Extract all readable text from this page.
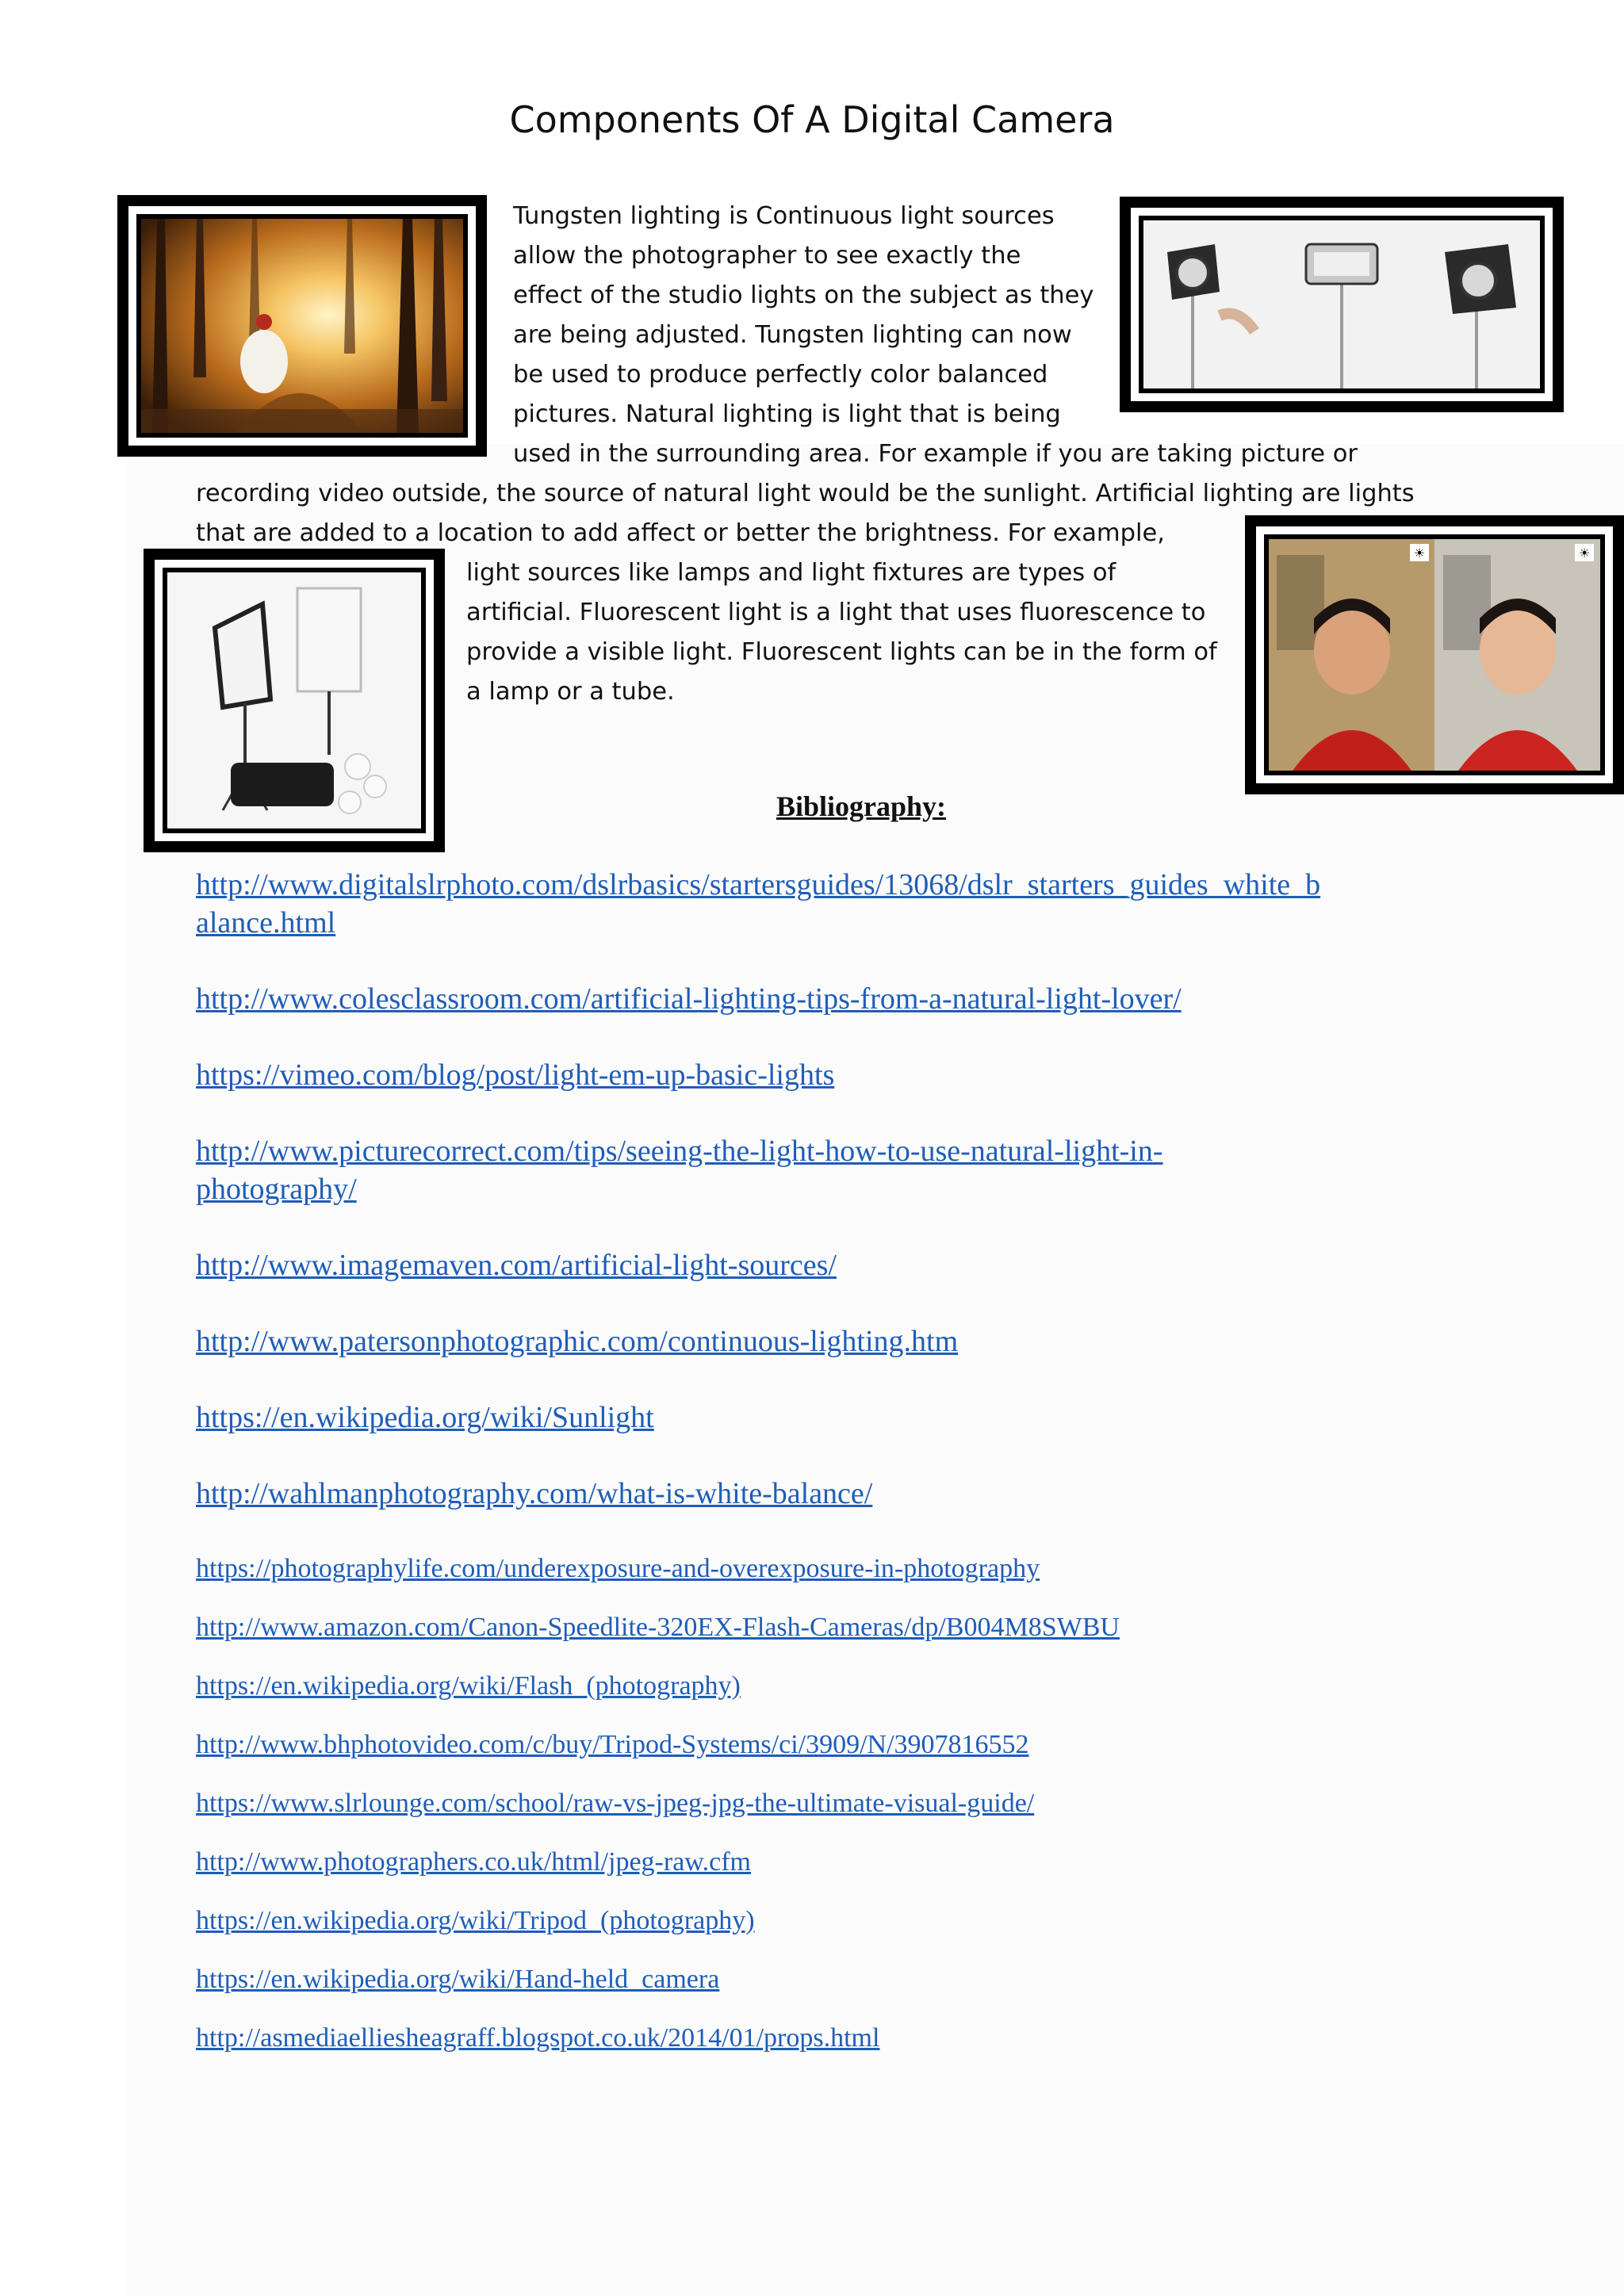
Components Of A Digital Camera

Tungsten lighting is Continuous light sources

allow the photographer to see exactly the

effect of the studio lights on the subject as they

are being adjusted. Tungsten lighting can now

be used to produce perfectly color balanced

pictures. Natural lighting is light that is being

used in the surrounding area. For example if you are taking picture or

recording video outside, the source of natural light would be the sunlight. Artificial lighting are lights

that are added to a location to add affect or better the brightness. For example,

light sources like lamps and light fixtures are types of

artificial. Fluorescent light is a light that uses fluorescence to

provide a visible light. Fluorescent lights can be in the form of

a lamp or a tube.

☀	☀
Bibliography:
http://www.digitalslrphoto.com/dslrbasics/startersguides/13068/dslr_starters_guides_white_b
alance.html
http://www.colesclassroom.com/artificial-lighting-tips-from-a-natural-light-lover/
https://vimeo.com/blog/post/light-em-up-basic-lights
http://www.picturecorrect.com/tips/seeing-the-light-how-to-use-natural-light-in-
photography/
http://www.imagemaven.com/artificial-light-sources/
http://www.patersonphotographic.com/continuous-lighting.htm
https://en.wikipedia.org/wiki/Sunlight
http://wahlmanphotography.com/what-is-white-balance/
https://photographylife.com/underexposure-and-overexposure-in-photography
http://www.amazon.com/Canon-Speedlite-320EX-Flash-Cameras/dp/B004M8SWBU
https://en.wikipedia.org/wiki/Flash_(photography)
http://www.bhphotovideo.com/c/buy/Tripod-Systems/ci/3909/N/3907816552
https://www.slrlounge.com/school/raw-vs-jpeg-jpg-the-ultimate-visual-guide/
http://www.photographers.co.uk/html/jpeg-raw.cfm
https://en.wikipedia.org/wiki/Tripod_(photography)
https://en.wikipedia.org/wiki/Hand-held_camera
http://asmediaelliesheagraff.blogspot.co.uk/2014/01/props.html
